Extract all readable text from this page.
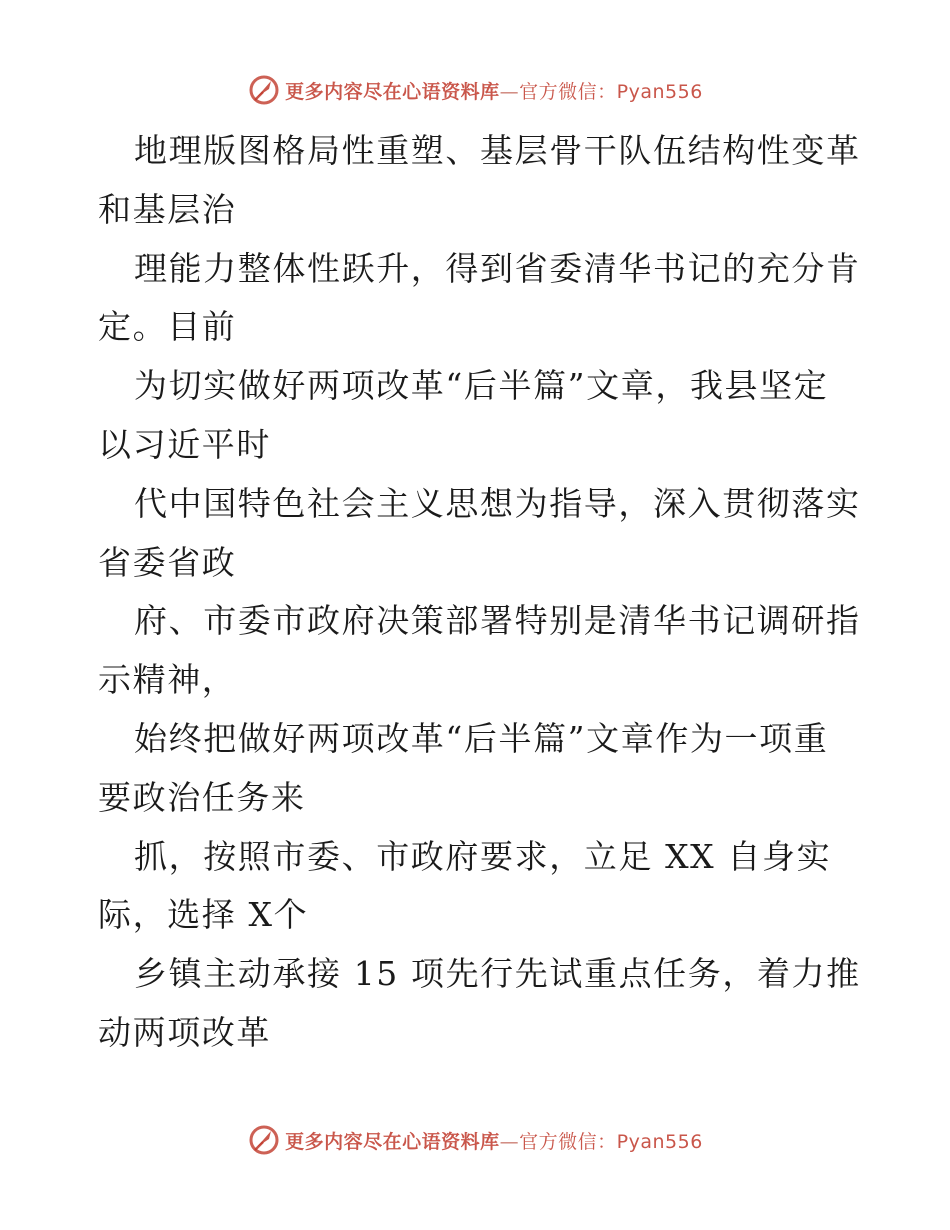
更多内容尽在心语资料库—官方微信：Pyan556
地理版图格局性重塑、基层骨干队伍结构性变革
和基层治
理能力整体性跃升，得到省委清华书记的充分肯
定。目前
为切实做好两项改革“后半篇”文章，我县坚定
以习近平时
代中国特色社会主义思想为指导，深入贯彻落实
省委省政
府、市委市政府决策部署特别是清华书记调研指
示精神，
始终把做好两项改革“后半篇”文章作为一项重
要政治任务来
抓，按照市委、市政府要求，立足 XX 自身实
际，选择 X个
乡镇主动承接 15 项先行先试重点任务，着力推
动两项改革
更多内容尽在心语资料库—官方微信：Pyan556
